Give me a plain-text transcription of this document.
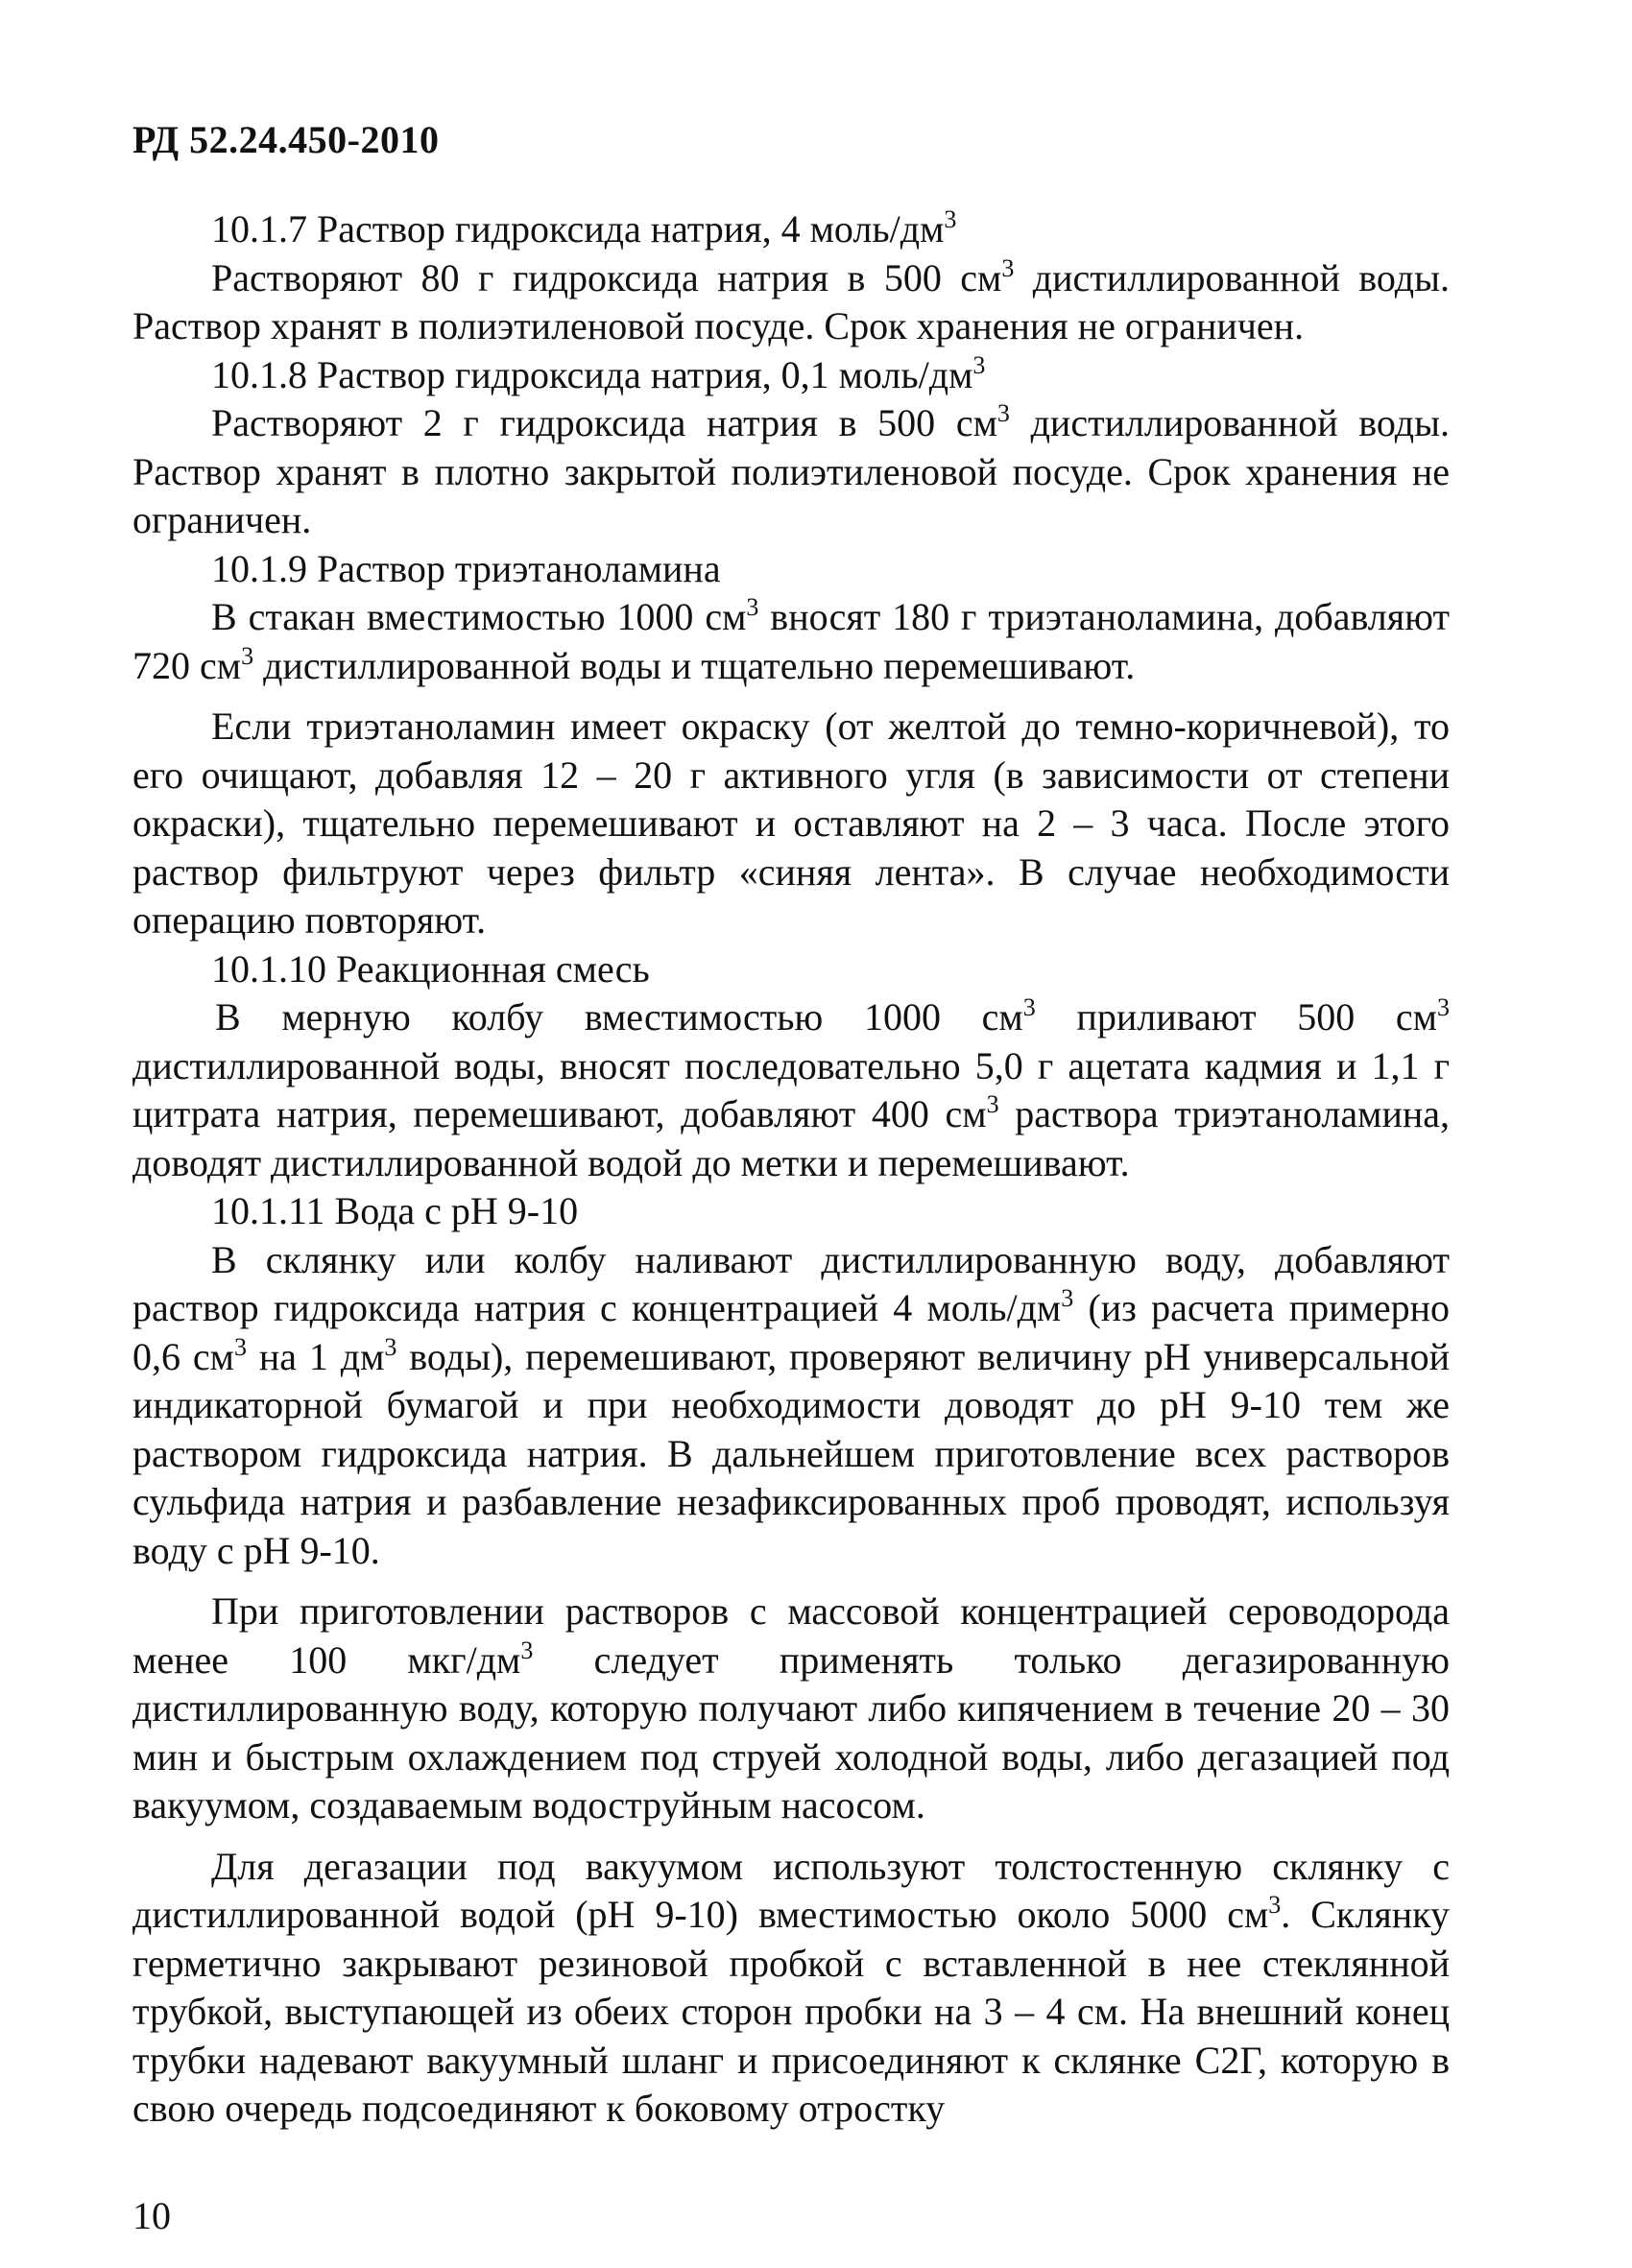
РД 52.24.450-2010

10.1.7 Раствор гидроксида натрия, 4 моль/$дм^3$

Растворяют 80 г гидроксида натрия в 500 $см^3$ дистиллированной воды. Раствор хранят в полиэтиленовой посуде. Срок хранения не ограничен.

10.1.8 Раствор гидроксида натрия, 0,1 моль/$дм^3$

Растворяют 2 г гидроксида натрия в 500 $см^3$ дистиллированной воды. Раствор хранят в плотно закрытой полиэтиленовой посуде. Срок хранения не ограничен.

10.1.9 Раствор триэтаноламина

В стакан вместимостью 1000 $см^3$ вносят 180 г триэтаноламина, добавляют 720 $см^3$ дистиллированной воды и тщательно перемешивают.

Если триэтаноламин имеет окраску (от желтой до темно-коричневой), то его очищают, добавляя 12 – 20 г активного угля (в зависимости от степени окраски), тщательно перемешивают и оставляют на 2 – 3 часа. После этого раствор фильтруют через фильтр «синяя лента». В случае необходимости операцию повторяют.

10.1.10 Реакционная смесь

В мерную колбу вместимостью 1000 $см^3$ приливают 500 $см^3$ дистиллированной воды, вносят последовательно 5,0 г ацетата кадмия и 1,1 г цитрата натрия, перемешивают, добавляют 400 $см^3$ раствора триэтаноламина, доводят дистиллированной водой до метки и перемешивают.

10.1.11 Вода с рН 9-10

В склянку или колбу наливают дистиллированную воду, добавляют раствор гидроксида натрия с концентрацией 4 моль/$дм^3$ (из расчета примерно 0,6 $см^3$ на 1 $дм^3$ воды), перемешивают, проверяют величину рН универсальной индикаторной бумагой и при необходимости доводят до рН 9-10 тем же раствором гидроксида натрия. В дальнейшем приготовление всех растворов сульфида натрия и разбавление незафиксированных проб проводят, используя воду с рН 9-10.

При приготовлении растворов с массовой концентрацией сероводорода менее 100 мкг/$дм^3$ следует применять только дегазированную дистиллированную воду, которую получают либо кипячением в течение 20 – 30 мин и быстрым охлаждением под струей холодной воды, либо дегазацией под вакуумом, создаваемым водоструйным насосом.

Для дегазации под вакуумом используют толстостенную склянку с дистиллированной водой (рН 9-10) вместимостью около 5000 $см^3$. Склянку герметично закрывают резиновой пробкой с вставленной в нее стеклянной трубкой, выступающей из обеих сторон пробки на 3 – 4 см. На внешний конец трубки надевают вакуумный шланг и присоединяют к склянке С2Г, которую в свою очередь подсоединяют к боковому отростку

10
